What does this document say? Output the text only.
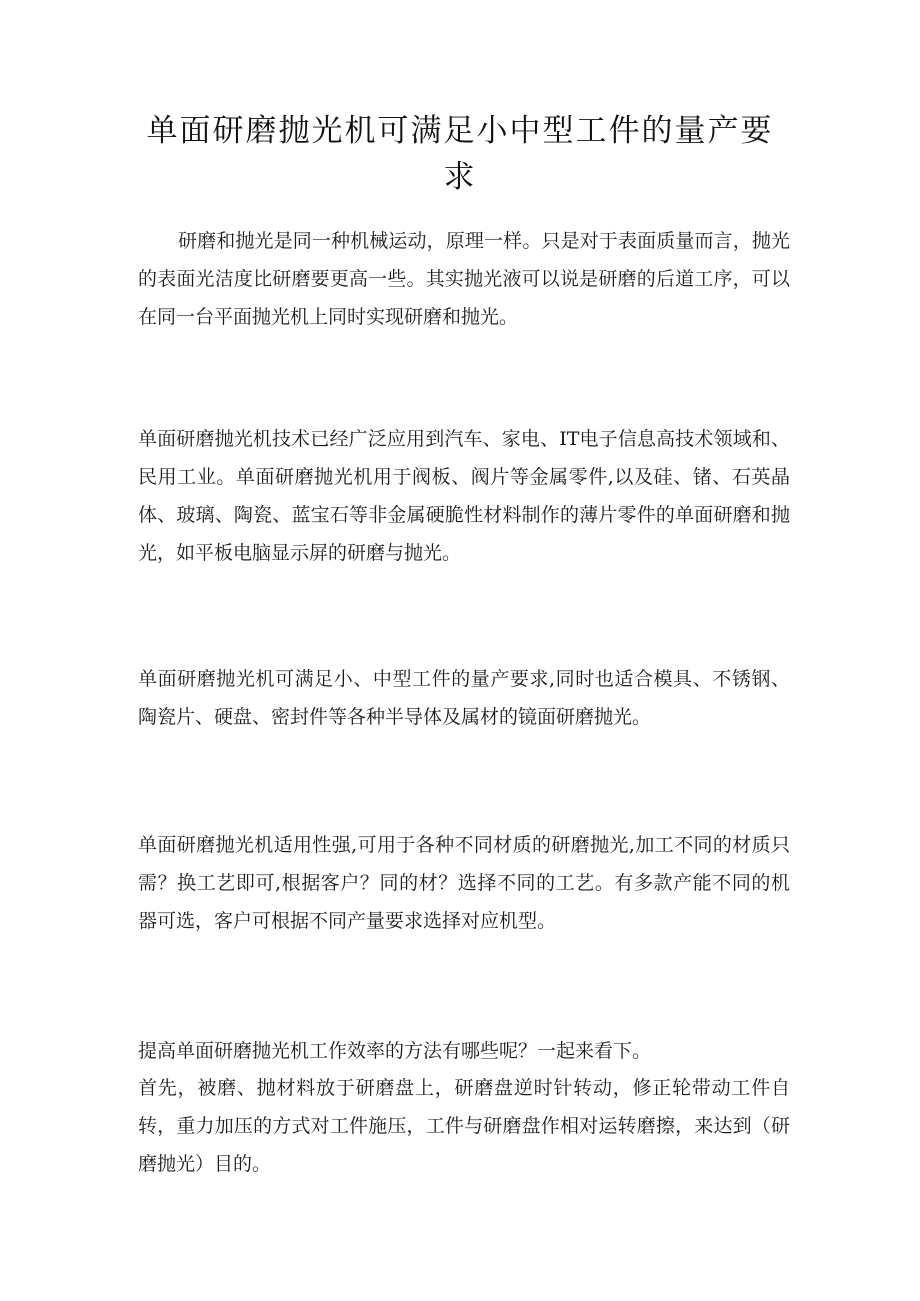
单面研磨抛光机可满足小中型工件的量产要求

研磨和抛光是同一种机械运动，原理一样。只是对于表面质量而言，抛光的表面光洁度比研磨要更高一些。其实抛光液可以说是研磨的后道工序，可以在同一台平面抛光机上同时实现研磨和抛光。

单面研磨抛光机技术已经广泛应用到汽车、家电、IT电子信息高技术领域和、民用工业。单面研磨抛光机用于阀板、阀片等金属零件,以及硅、锗、石英晶体、玻璃、陶瓷、蓝宝石等非金属硬脆性材料制作的薄片零件的单面研磨和抛光，如平板电脑显示屏的研磨与抛光。

单面研磨抛光机可满足小、中型工件的量产要求,同时也适合模具、不锈钢、陶瓷片、硬盘、密封件等各种半导体及属材的镜面研磨抛光。

单面研磨抛光机适用性强,可用于各种不同材质的研磨抛光,加工不同的材质只需？换工艺即可,根据客户？同的材？选择不同的工艺。有多款产能不同的机器可选，客户可根据不同产量要求选择对应机型。

提高单面研磨抛光机工作效率的方法有哪些呢？一起来看下。

首先，被磨、抛材料放于研磨盘上，研磨盘逆时针转动，修正轮带动工件自转，重力加压的方式对工件施压，工件与研磨盘作相对运转磨擦，来达到（研磨抛光）目的。
